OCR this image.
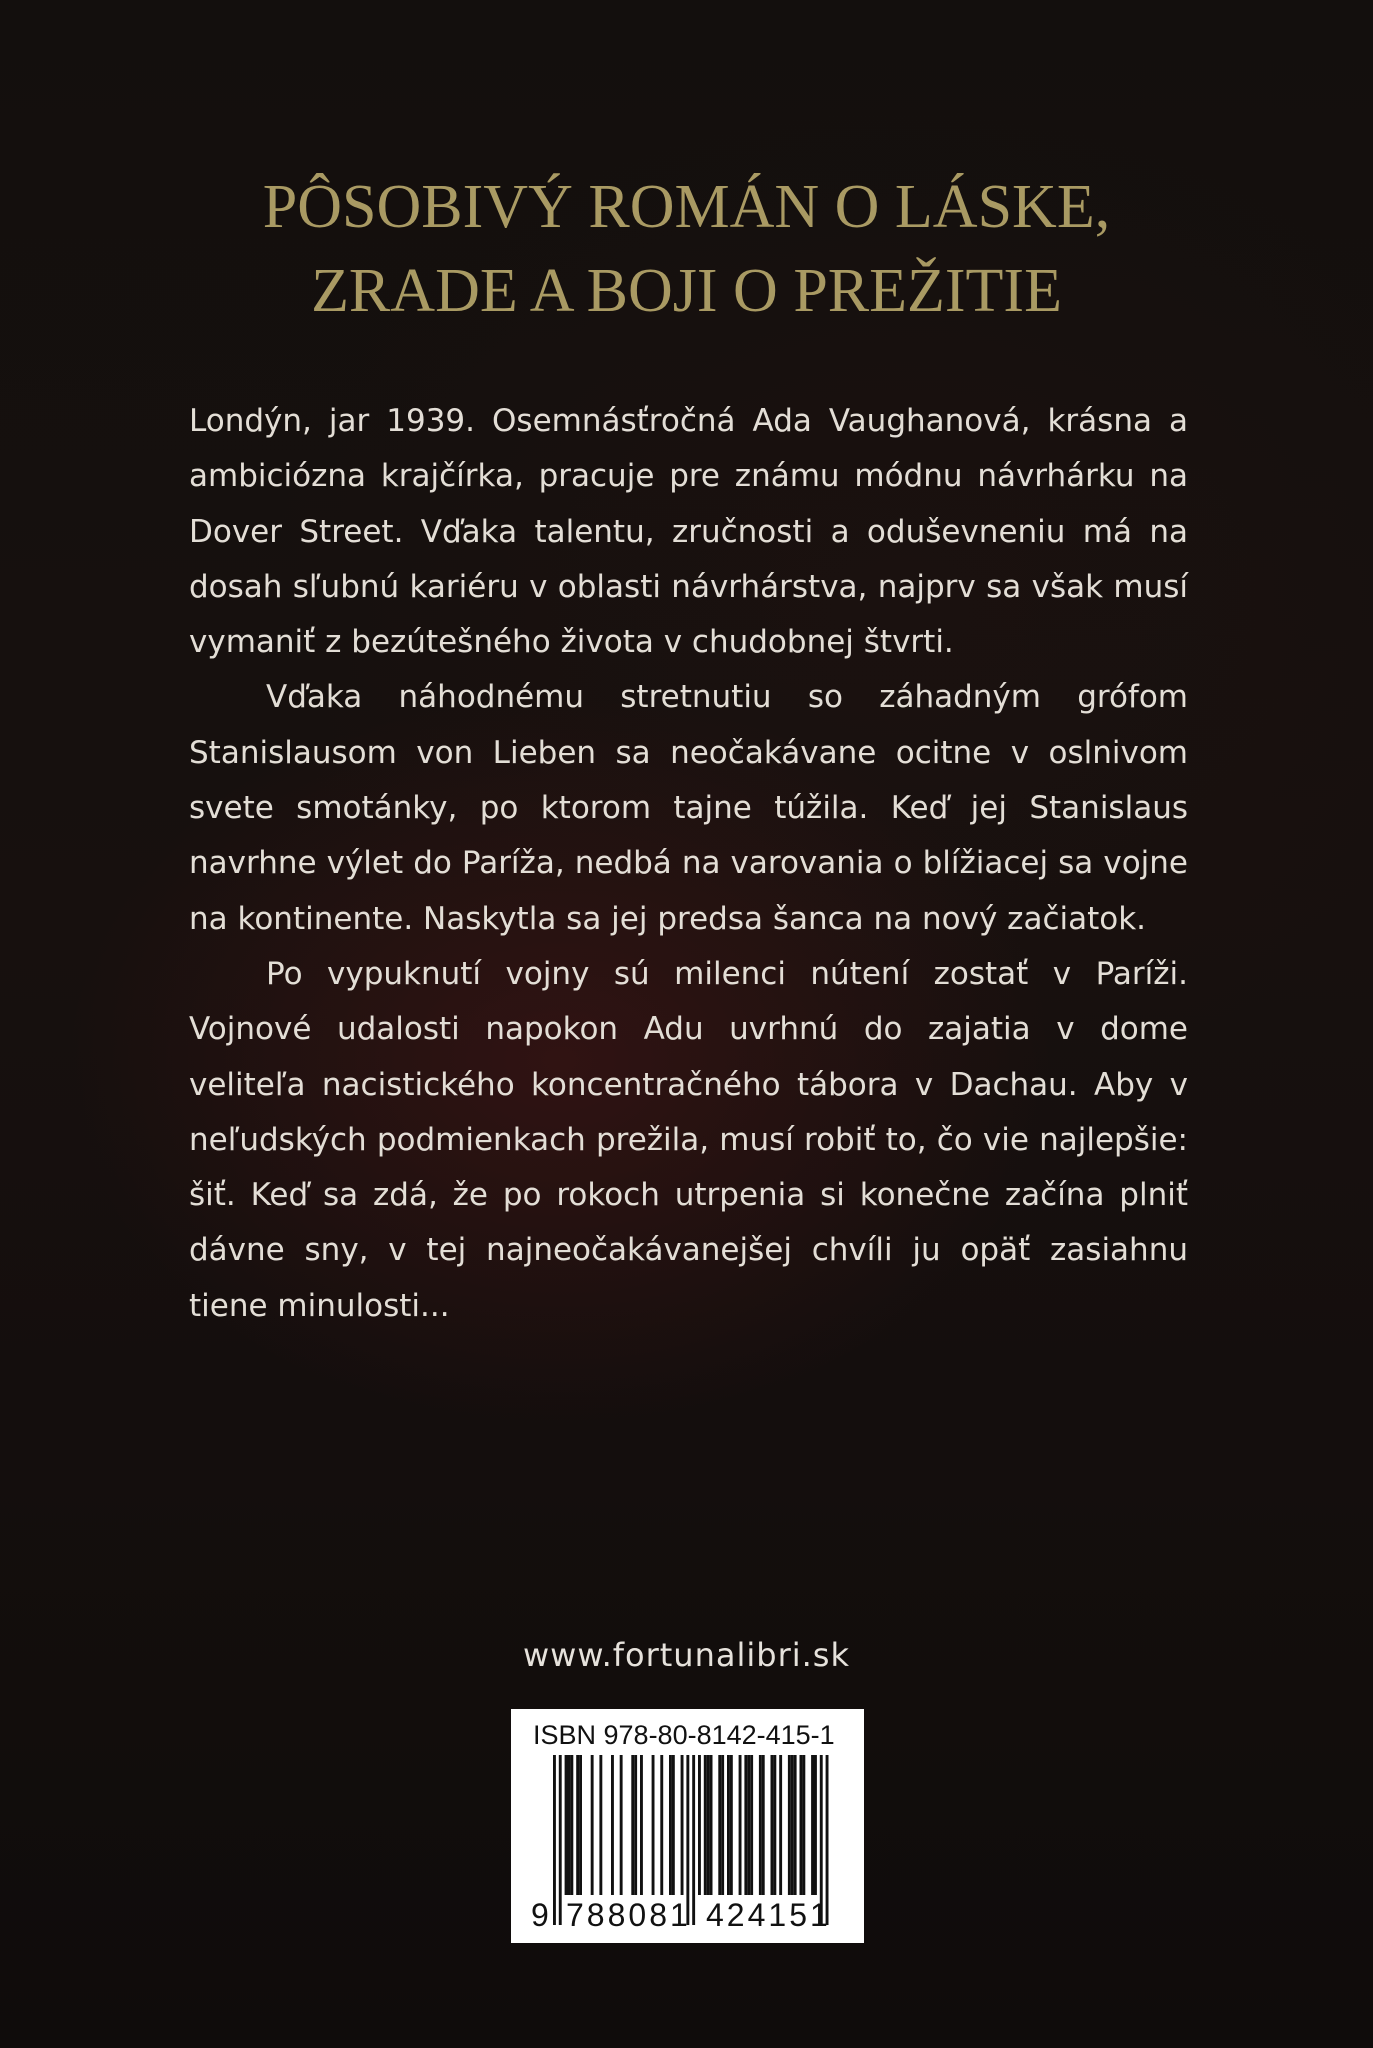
PÔSOBIVÝ ROMÁN O LÁSKE,
ZRADE A BOJI O PREŽITIE

Londýn, jar 1939. Osemnásťročná Ada Vaughanová, krásna a ambiciózna krajčírka, pracuje pre známu módnu návrhárku na Dover Street. Vďaka talentu, zručnosti a oduševneniu má na dosah sľubnú kariéru v oblasti návrhárstva, najprv sa však musí vymaniť z bezútešného života v chudobnej štvrti.

Vďaka náhodnému stretnutiu so záhadným grófom Stanislausom von Lieben sa neočakávane ocitne v oslnivom svete smotánky, po ktorom tajne túžila. Keď jej Stanislaus navrhne výlet do Paríža, nedbá na varovania o blížiacej sa vojne na kontinente. Naskytla sa jej predsa šanca na nový začiatok.

Po vypuknutí vojny sú milenci nútení zostať v Paríži. Vojnové udalosti napokon Adu uvrhnú do zajatia v dome veliteľa nacistického koncentračného tábora v Dachau. Aby v neľudských podmienkach prežila, musí robiť to, čo vie najlepšie: šiť. Keď sa zdá, že po rokoch utrpenia si konečne začína plniť dávne sny, v tej najneočakávanejšej chvíli ju opäť zasiahnu tiene minulosti...

www.fortunalibri.sk
ISBN 978-80-8142-415-1
9 788081 424151
